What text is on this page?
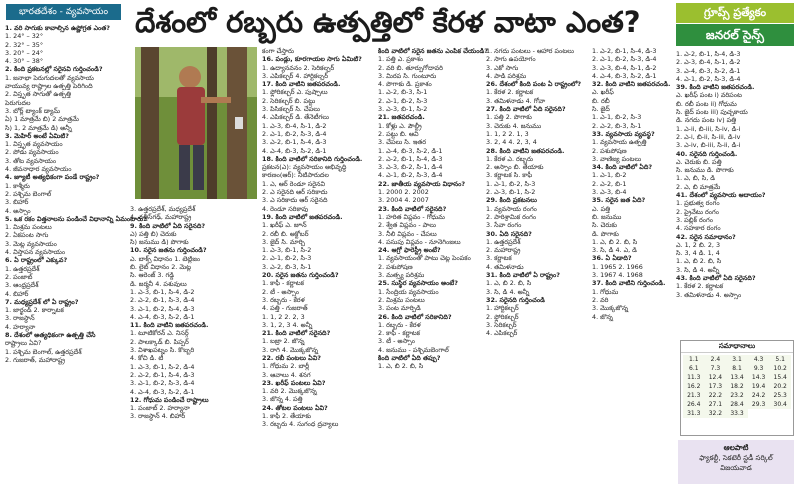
భారతదేశం - వ్యవసాయం దేశంలో రబ్బరు ఉత్పత్తిలో కేరళ వాటా ఎంత?	గ్రూప్స్ ప్రత్యేకం
జనరల్ సైన్స్
1. వరి సాగుకు కావాల్సిన ఉష్ణోగ్రత ఎంత?
1. 24° – 32°
2. 32° – 35°
3. 20° – 24°
4. 30° – 38°
2. కింది ప్రకటనల్లో సరైనవి గుర్తించండి?
1. జనాభా పెరుగుదలతో వ్యవసాయ
వాయువ్య రాష్ట్రాల ఉత్పత్తి పెరిగింది
2. విస్తృత సాగుతో ఉత్పత్తి
పెరుగుదల
3. బోర్ల్ ట్యాంక్ డ్యామ్
ఏ) 1 మాత్రమే బి) 2 మాత్రమే
సి) 1, 2 మాత్రమే డి) అన్నీ
3. మెహిర్ అంటే ఏమిటి?
1. విస్తృత వ్యవసాయం
2. పోడు వ్యవసాయం
3. తోట వ్యవసాయం
4. జీవనాధార వ్యవసాయం
4. జ్యూటీ అత్యధికంగా పండే రాష్ట్రం?
1. కాశ్మీరు
2. పశ్చిమ బెంగాల్
3. బిహార్
4. అస్సాం
5. ఒక రకం విత్తనాలను పండించే విధానాన్ని ఏమంటారు?
1. మిశ్రమ పంటలు
2. ఏకపంట సాగు
3. మెట్ల వ్యవసాయం
4. విస్తాపన వ్యవసాయం
6. ఏ రాష్ట్రంలో ఎక్కువ?
1. ఉత్తరప్రదేశ్
2. పంజాబ్
3. ఆంధ్రప్రదేశ్
4. బిహార్
7. మధ్యప్రదేశ్ లో ఏ రాష్ట్రం?
1. జార్ఖండ్ 2. కార్నాటక
3. రాజస్థాన్
4. హర్యానా
8. దేశంలో అత్యధికంగా ఉత్పత్తి చేసే
రాష్ట్రాలు ఏవి?
1. పశ్చిమ బెంగాల్, ఉత్తరప్రదేశ్
2. గుజరాత్, మహారాష్ట్ర
3. ఉత్తరప్రదేశ్, మధ్యప్రదేశ్
4. ఛత్తీస్‌గఢ్, మహారాష్ట్ర
9. కింది వాటిలో ఏది సరైనది?
ఎ) పత్తి బి) చెరుకు
సి) జనుము డి) పొగాకు
10. సరైన జతను గుర్తించండి?
ఎ. బాక్స్ విధానం 1. టెట్లిజం
బి. లైట్ విధానం 2. మెట్ల
సి. ఆరెంజ్ 3. గడ్డి
డి. జర్మనీ 4. పశువులు
1. ఎ-3, బి-1, సి-4, డి-2
2. ఎ-2, బి-1, సి-3, డి-4
3. ఎ-1, బి-2, సి-4, డి-3
4. ఎ-4, బి-3, సి-2, డి-1
11. కింది వాటిని జతపరచండి.
1. టూటికోరన్ ఎ. నిసర్గ్
2. పాలక్కాడ్ బి. పిప్పర్
3. విశాఖపట్నం సి. కొబ్బరి
4. కోచి డి. టీ
1. ఎ-3, బి-1, సి-2, డి-4
2. ఎ-2, బి-1, సి-4, డి-3
3. ఎ-1, బి-2, సి-3, డి-4
4. ఎ-4, బి-3, సి-2, డి-1
12. గోధుమ పండించే రాష్ట్రాలు
1. పంజాబ్ 2. హర్యానా
3. రాజస్థాన్ 4. బిహార్
కంగా చేస్తారు
16. పండ్లు, కూరగాయల సాగు ఏమిటి?
1. ఉద్యానవనం 2. సెరికల్చర్
3. ఎపికల్చర్ 4. హార్టికల్చర్
17. కింది వాటిని జతపరచండి.
1. ఫ్లోరికల్చర్ ఎ. పుష్పాలు
2. సెరికల్చర్ బి. పట్టు
3. పిసికల్చర్ సి. చేపలు
4. ఎపికల్చర్ డి. తేనెటీగలు
1. ఎ-3, బి-4, సి-1, డి-2
2. ఎ-1, బి-2, సి-3, డి-4
3. ఎ-2, బి-1, సి-4, డి-3
4. ఎ-4, బి-3, సి-2, డి-1
18. కింది వాటిలో సరికానిది గుర్తించండి.
ప్రకటన(ఎ): వ్యవసాయం అభివృద్ధి
కారణం(ఆర్): నీటిపారుదల
1. ఎ, ఆర్ రెండూ సరైనవి
2. ఎ సరైనది ఆర్ సరికాదు
3. ఎ సరికాదు ఆర్ సరైనది
4. రెండూ సరికావు
19. కింది వాటిలో జతపరచండి.
1. ఖరీఫ్ ఎ. జూన్
2. రబీ బి. అక్టోబర్
3. జైద్ సి. మార్చి
1. ఎ-3, బి-1, సి-2
2. ఎ-1, బి-2, సి-3
3. ఎ-2, బి-3, సి-1
20. సరైన జతను గుర్తించండి?
1. కాఫీ - కర్ణాటక
2. టీ - అస్సాం
3. రబ్బరు - కేరళ
4. పత్తి - గుజరాత్
1. 1, 2 2. 2, 3
3. 1, 2, 3 4. అన్నీ
21. కింది వాటిలో సరైనది?
1. బజ్రా 2. జొన్న
3. రాగి 4. మొక్కజొన్న
22. రబీ పంటలు ఏవి?
1. గోధుమ 2. బార్లీ
3. ఆవాలు 4. శనగ
23. ఖరీఫ్ పంటలు ఏవి?
1. వరి 2. మొక్కజొన్న
3. జొన్న 4. పత్తి
24. తోటల పంటలు ఏవి?
1. కాఫీ 2. తేయాకు
3. రబ్బరు 4. సుగంధ ద్రవ్యాలు
కింది వాటిలో సరైన జతను ఎంపిక చేయండి?
1. పత్తి ఎ. ప్రకాశం
2. వరి బి. తూర్పుగోదావరి
3. మిరప సి. గుంటూరు
4. పొగాకు డి. ప్రకాశం
1. ఎ-2, బి-3, సి-1
2. ఎ-1, బి-2, సి-3
3. ఎ-3, బి-1, సి-2
21. జతపరచండి.
1. కోళ్లు ఎ. పౌల్ట్రీ
2. పట్టు బి. ఆవి
3. చేపలు సి. ఇతర
1. ఎ-4, బి-3, సి-2, డి-1
2. ఎ-2, బి-1, సి-4, డి-3
3. ఎ-3, బి-2, సి-1, డి-4
4. ఎ-1, బి-2, సి-3, డి-4
22. జాతీయ వ్యవసాయ విధానం?
1. 2000 2. 2002
3. 2004 4. 2007
23. కింది వాటిలో సరైనది?
1. హరిత విప్లవం - గోధుమ
2. శ్వేత విప్లవం - పాలు
3. నీలి విప్లవం - చేపలు
4. పసుపు విప్లవం - నూనెగింజలు
24. ఆగ్రో ఫారెస్ట్రీ అంటే?
1. వ్యవసాయంతో పాటు చెట్ల పెంపకం
2. పశుపోషణ
3. మత్స్య పరిశ్రమ
25. సుస్థిర వ్యవసాయం అంటే?
1. సేంద్రియ వ్యవసాయం
2. మిశ్రమ పంటలు
3. పంట మార్పిడి
26. కింది వాటిలో సరికానిది?
1. రబ్బరు - కేరళ
2. కాఫీ - కర్ణాటక
3. టీ - అస్సాం
4. జనుము - పశ్చిమబెంగాల్
కింది వాటిలో ఏది తప్పు?
1. ఎ, బి 2. బి, సి
1. నగదు పంటలు - ఆహార పంటలు
2. సాగు ఉపయోగం
3. ఎకో సాగు
4. పాడి పరిశ్రమ
26. దేశంలో కింది పంట ఏ రాష్ట్రంలో?
1. కేరళ 2. కర్ణాటక
3. తమిళనాడు 4. గోవా
27. కింది వాటిలో ఏది సరైనది?
1. పత్తి 2. పొగాకు
3. చెరుకు 4. జనుము
1. 1, 2 2. 1, 3
3. 2, 4 4. 2, 3, 4
28. కింది వాటిని జతపరచండి.
1. కేరళ ఎ. రబ్బరు
2. అస్సాం బి. తేయాకు
3. కర్ణాటక సి. కాఫీ
1. ఎ-1, బి-2, సి-3
2. ఎ-3, బి-1, సి-2
29. కింది ప్రకటనలు
1. వ్యవసాయ రంగం
2. పారిశ్రామిక రంగం
3. సేవా రంగం
30. ఏది సరైనది?
1. ఉత్తరప్రదేశ్
2. మహారాష్ట్ర
3. కర్ణాటక
4. తమిళనాడు
31. కింది వాటిలో ఏ రాష్ట్రం?
1. ఎ, బి 2. బి, సి
3. సి, డి 4. అన్నీ
32. సరైనది గుర్తించండి
1. హార్టికల్చర్
2. ఫ్లోరికల్చర్
3. సెరికల్చర్
4. ఎపికల్చర్
1. ఎ-2, బి-1, సి-4, డి-3
2. ఎ-1, బి-2, సి-3, డి-4
3. ఎ-3, బి-4, సి-1, డి-2
4. ఎ-4, బి-3, సి-2, డి-1
32. కింది వాటిని జతపరచండి.
ఎ. ఖరీఫ్
బి. రబీ
సి. జైద్
1. ఎ-1, బి-2, సి-3
2. ఎ-2, బి-3, సి-1
33. వ్యవసాయ వ్యవస్థ?
1. వ్యవసాయ ఉత్పత్తి
2. పశుపోషణ
3. వాణిజ్య పంటలు
34. కింది వాటిలో ఏది?
1. ఎ-1, బి-2
2. ఎ-2, బి-1
3. ఎ-3, బి-4
35. సరైన జత ఏది?
ఎ. పత్తి
బి. జనుము
సి. చెరుకు
డి. పొగాకు
1. ఎ, బి 2. బి, సి
3. సి, డి 4. ఎ, డి
36. ఏ ఏడాది?
1. 1965 2. 1966
3. 1967 4. 1968
37. కింది వాటిని గుర్తించండి.
1. గోధుమ
2. వరి
3. మొక్కజొన్న
4. జొన్న
1. ఎ-2, బి-1, సి-4, డి-3
2. ఎ-3, బి-4, సి-1, డి-2
3. ఎ-4, బి-3, సి-2, డి-1
4. ఎ-1, బి-2, సి-3, డి-4
39. కింది వాటిని జతపరచండి.
ఎ. ఖరీఫ్ పంట i) వరిపంట
బి. రబీ పంట ii) గోధుమ
సి. జైద్ పంట iii) పుచ్చకాయ
డి. నగదు పంట iv) పత్తి
1. ఎ-ii, బి-iii, సి-iv, డి-i
2. ఎ-i, బి-ii, సి-iii, డి-iv
3. ఎ-iv, బి-iii, సి-ii, డి-i
40. సరైనది గుర్తించండి.
ఎ. చెరుకు బి. పత్తి
సి. జనుము డి. పొగాకు
1. ఎ, బి, సి, డి
2. ఎ, బి మాత్రమే
41. దేశంలో వ్యవసాయ ఆదాయం?
1. ప్రభుత్వ రంగం
2. ప్రైవేటు రంగం
3. పబ్లిక్ రంగం
4. సహకార రంగం
42. సరైన సమాధానం?
ఎ. 1, 2 బి. 2, 3
సి. 3, 4 డి. 1, 4
1. ఎ, బి 2. బి, సి
3. సి, డి 4. అన్నీ
43. కింది వాటిలో ఏది సరైనది?
1. కేరళ 2. కర్ణాటక
3. తమిళనాడు 4. అస్సాం
సమాధానాలు
1.1	2.4	3.1	4.3	5.1
6.1	7.3	8.1	9.3	10.2
11.3	12.4	13.4	14.3	15.4
16.2	17.3	18.2	19.4	20.2
21.3	22.2	23.2	24.2	25.3
26.4	27.1	28.4	29.3	30.4
31.3	32.2	33.3
ఆలపాటి
ఫ్యాకల్టీ, సెకటెరీ స్టడీ సర్కిల్
విజయవాడ
